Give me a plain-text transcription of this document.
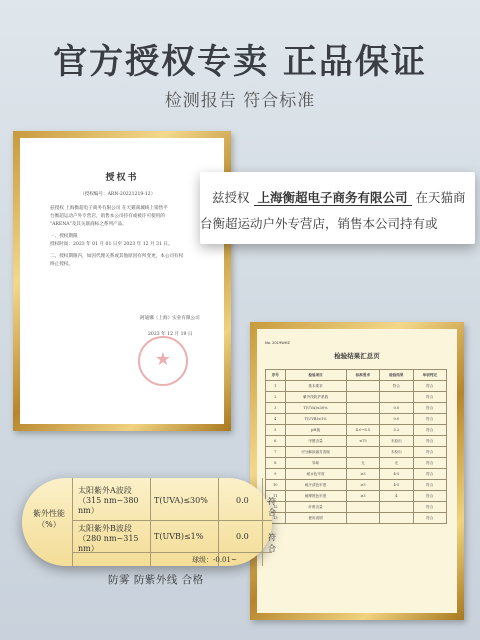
官方授权专卖 正品保证
检测报告 符合标准
授权书
（授权编号：ARN-20221219-12）
兹授权 上海衡超电子商务有限公司 在天猫商城线上销售平
台衡超运动户外专营店，销售本公司持有或被许可使用的
"ARENA"及其关联商标之系列产品。
一、授权期限
授权时间：2023 年 01 月 01 日至 2023 年 12 月 31 日。
二、授权期限内，如因代理关系或其他原因有所变更，本公司有权
终止授权。
阿迪娜（上海）实业有限公司
2023 年 12 月 19 日
★
兹授权 上海衡超电子商务有限公司 在天猫商
台衡超运动户外专营店，销售本公司持有或
No. 2019WHZ
检验结果汇总页
序号	检验项目	标准要求	检验结果	单项判定
1	基本要求		符合	符合
2	紫外线防护系数			符合
3	T(UVA)≤30%		0.0	符合
4	T(UVB)≤1%		0.0	符合
5	pH值	4.0~8.5	5.2	符合
6	甲醛含量	≤75	未检出	符合
7	可分解致癌芳香胺		未检出	符合
8	异味	无	无	符合
9	耐水色牢度	≥3	4-5	符合
10	耐汗渍色牢度	≥3	4-5	符合
11	耐摩擦色牢度	≥3	4	符合
12	纤维含量			符合
13	使用说明			符合
紫外性能（%）
太阳紫外A波段（315 nm~380 nm）
T(UVA)≤30%	0.0 符合
太阳紫外B波段（280 nm~315 nm）
T(UVB)≤1%	0.0 符合
球级：-0.01~
防雾 防紫外线 合格
